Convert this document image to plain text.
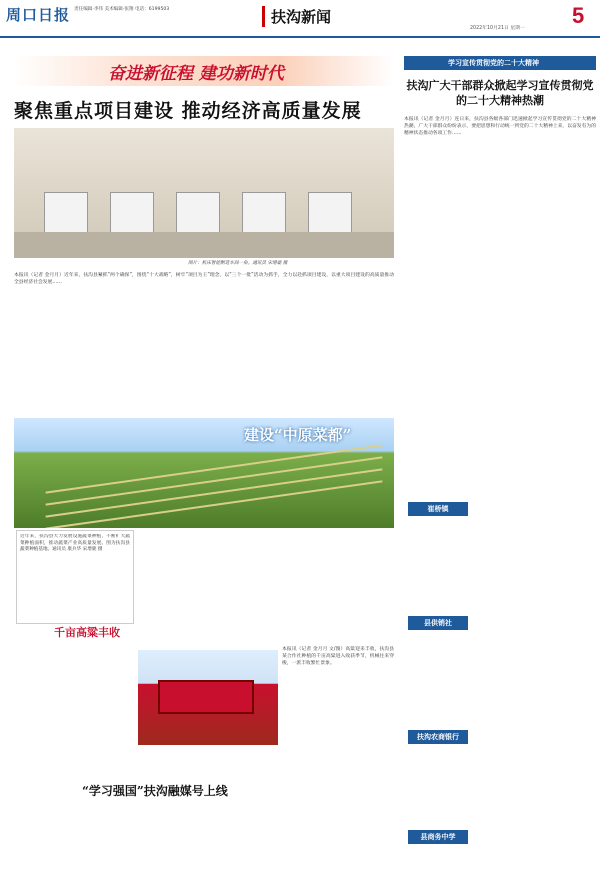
周口日报 责任编辑·李伟 美术编辑·张翔 电话：6199503	扶沟新闻
2022年10月21日 星期一
5
奋进新征程 建功新时代
聚焦重点项目建设 推动经济高质量发展
图片：机床智能制造车间一角。通讯员 宋增鹿 摄
本报讯（记者 金月月）近年来，扶沟县紧抓“两个确保”，围绕“十大战略”，树牢“项目为王”理念，以“三个一批”活动为抓手，全力以赴抓项目建设，以重大项目建设的高质量推动全县经济社会发展……
建设“中原菜都”
近年来，扶沟县大力发展设施蔬菜种植，不断扩大蔬菜种植面积，推动蔬菜产业高质量发展。图为扶沟县蔬菜种植基地。通讯员 康兵华 宋增鹿 摄
千亩高粱丰收
本报讯（记者 金月月 文/图）高粱迎来丰收，扶沟县某合作社种植的千亩高粱进入收获季节，机械往来穿梭，一派丰收繁忙景象。
“学习强国”扶沟融媒号上线
学习宣传贯彻党的二十大精神
扶沟广大干部群众掀起学习宣传贯彻党的二十大精神热潮
本报讯（记者 金月月）连日来，扶沟县各级各部门迅速掀起学习宣传贯彻党的二十大精神热潮，广大干部群众纷纷表示，要把思想和行动统一到党的二十大精神上来，以奋发有为的精神状态推动各项工作……
崔桥镇
县供销社
扶沟农商银行
县商务中学
